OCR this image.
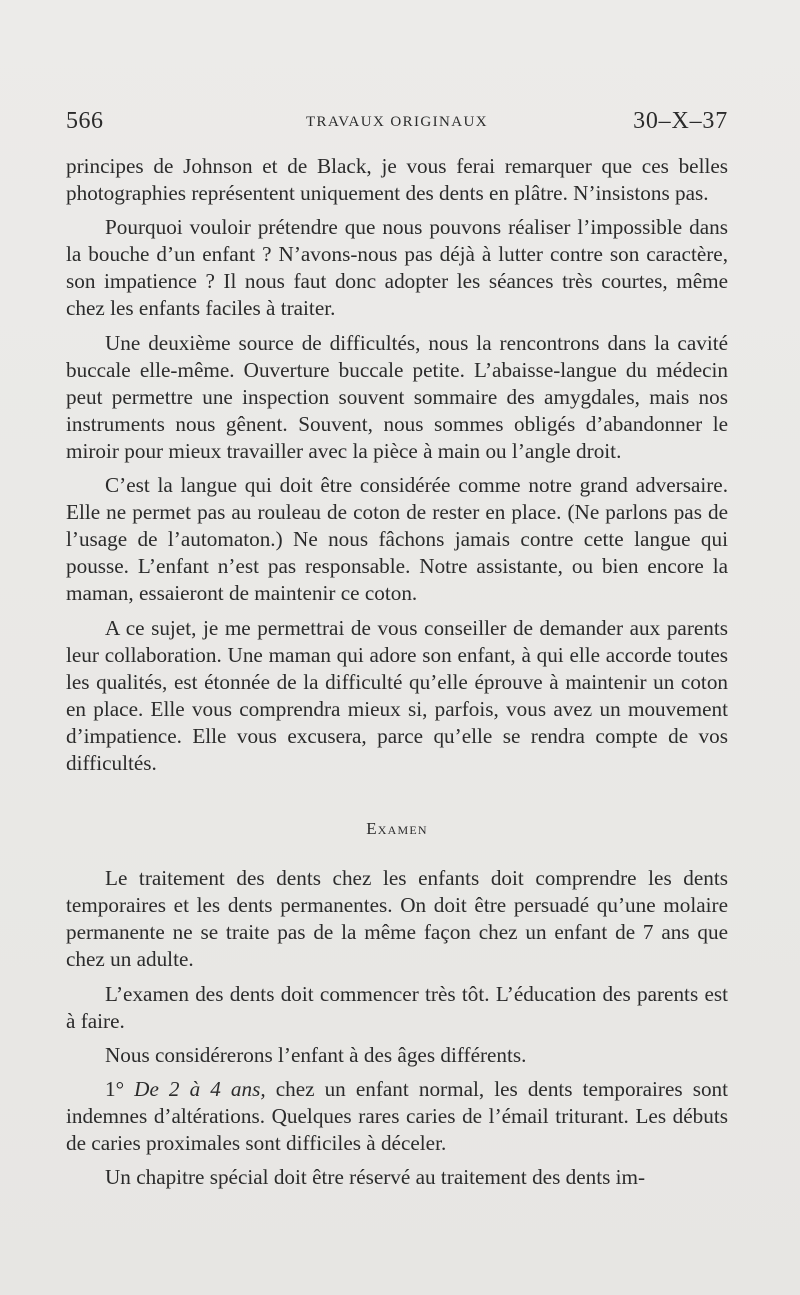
566	TRAVAUX ORIGINAUX	30–X–37

principes de Johnson et de Black, je vous ferai remarquer que ces belles photographies représentent uniquement des dents en plâtre. N’insistons pas.

Pourquoi vouloir prétendre que nous pouvons réaliser l’impossible dans la bouche d’un enfant ? N’avons-nous pas déjà à lutter contre son caractère, son impatience ? Il nous faut donc adopter les séances très courtes, même chez les enfants faciles à traiter.

Une deuxième source de difficultés, nous la rencontrons dans la cavité buccale elle-même. Ouverture buccale petite. L’abaisse-langue du médecin peut permettre une inspection souvent sommaire des amygdales, mais nos instruments nous gênent. Souvent, nous sommes obligés d’abandonner le miroir pour mieux travailler avec la pièce à main ou l’angle droit.

C’est la langue qui doit être considérée comme notre grand adversaire. Elle ne permet pas au rouleau de coton de rester en place. (Ne parlons pas de l’usage de l’automaton.) Ne nous fâchons jamais contre cette langue qui pousse. L’enfant n’est pas responsable. Notre assistante, ou bien encore la maman, essaieront de maintenir ce coton.

A ce sujet, je me permettrai de vous conseiller de demander aux parents leur collaboration. Une maman qui adore son enfant, à qui elle accorde toutes les qualités, est étonnée de la difficulté qu’elle éprouve à maintenir un coton en place. Elle vous comprendra mieux si, parfois, vous avez un mouvement d’impatience. Elle vous excusera, parce qu’elle se rendra compte de vos difficultés.

Examen

Le traitement des dents chez les enfants doit comprendre les dents temporaires et les dents permanentes. On doit être persuadé qu’une molaire permanente ne se traite pas de la même façon chez un enfant de 7 ans que chez un adulte.

L’examen des dents doit commencer très tôt. L’éducation des parents est à faire.

Nous considérerons l’enfant à des âges différents.

1° De 2 à 4 ans, chez un enfant normal, les dents temporaires sont indemnes d’altérations. Quelques rares caries de l’émail triturant. Les débuts de caries proximales sont difficiles à déceler.

Un chapitre spécial doit être réservé au traitement des dents im-
